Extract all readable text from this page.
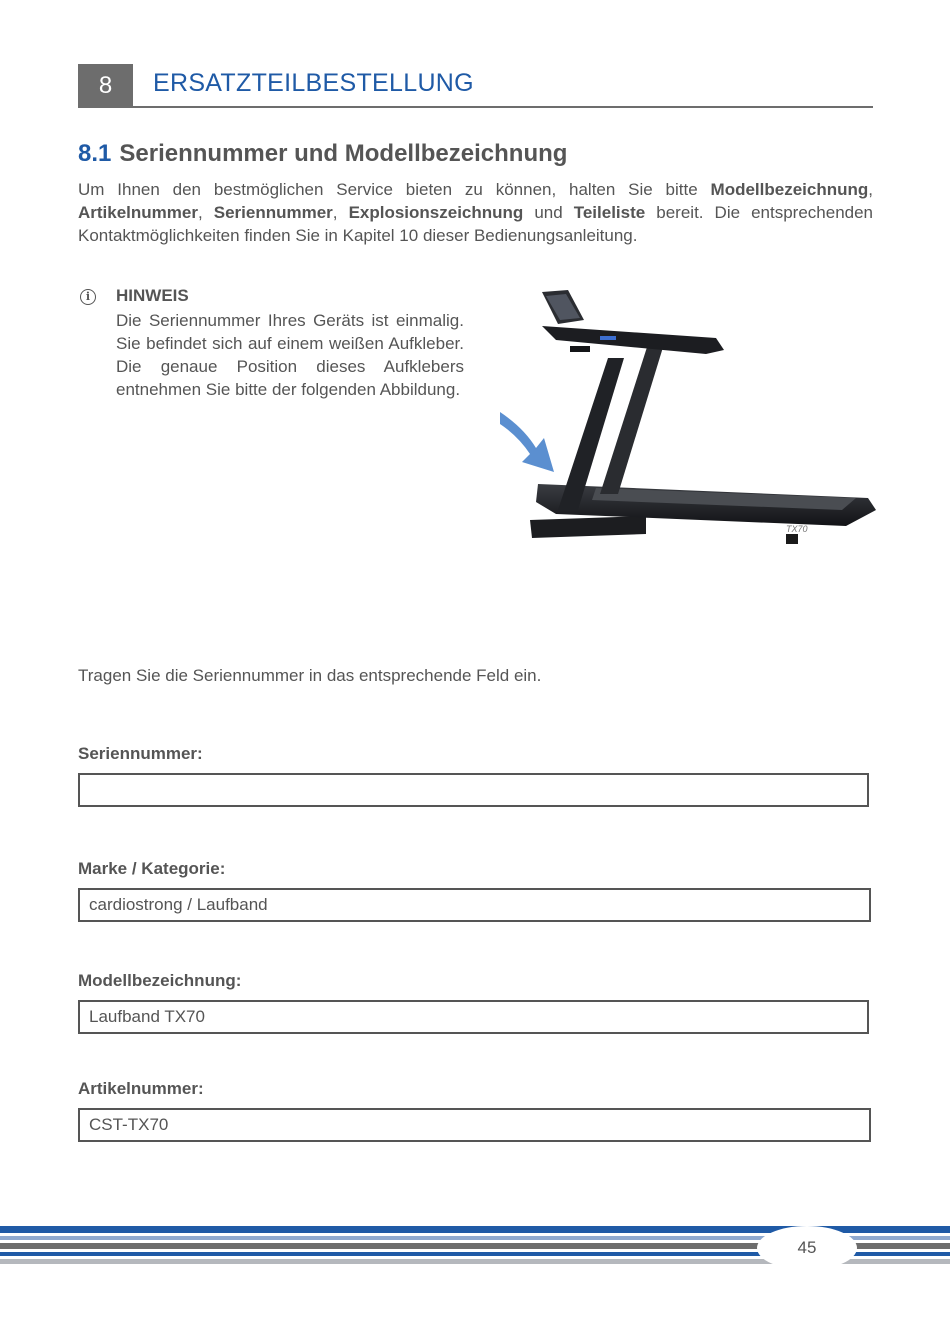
8	ERSATZTEILBESTELLUNG
8.1 Seriennummer und Modellbezeichnung
Um Ihnen den bestmöglichen Service bieten zu können, halten Sie bitte Modellbezeichnung, Artikelnummer, Seriennummer, Explosionszeichnung und Teileliste bereit. Die entsprechenden Kontaktmöglichkeiten finden Sie in Kapitel 10 dieser Bedienungsanleitung.
i	HINWEIS
Die Seriennummer Ihres Geräts ist einmalig. Sie befindet sich auf einem weißen Aufkleber. Die genaue Position dieses Aufklebers entnehmen Sie bitte der folgenden Abbildung.
TX70
Tragen Sie die Seriennummer in das entsprechende Feld ein.
Seriennummer:
Marke / Kategorie:
cardiostrong / Laufband
Modellbezeichnung:
Laufband TX70
Artikelnummer:
CST-TX70
45
